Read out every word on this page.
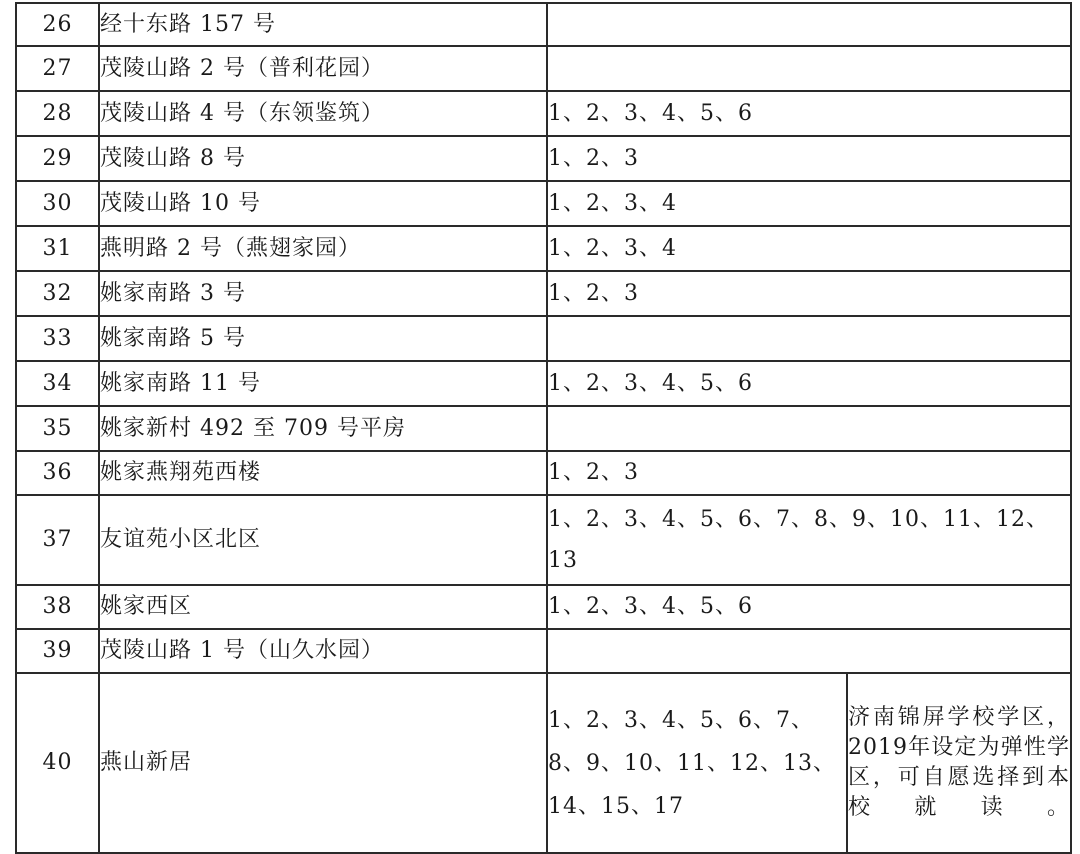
26	经十东路 157 号		
27	茂陵山路 2 号（普利花园）		
28	茂陵山路 4 号（东领鉴筑）	1、2、3、4、5、6	
29	茂陵山路 8 号	1、2、3	
30	茂陵山路 10 号	1、2、3、4	
31	燕明路 2 号（燕翅家园）	1、2、3、4	
32	姚家南路 3 号	1、2、3	
33	姚家南路 5 号		
34	姚家南路 11 号	1、2、3、4、5、6	
35	姚家新村 492 至 709 号平房		
36	姚家燕翔苑西楼	1、2、3	
37	友谊苑小区北区	1、2、3、4、5、6、7、8、9、10、11、12、13	
38	姚家西区	1、2、3、4、5、6	
39	茂陵山路 1 号（山久水园）		
40	燕山新居	1、2、3、4、5、6、7、8、9、10、11、12、13、14、15、17	济南锦屏学校学区，2019年设定为弹性学区，可自愿选择到本校就读。
